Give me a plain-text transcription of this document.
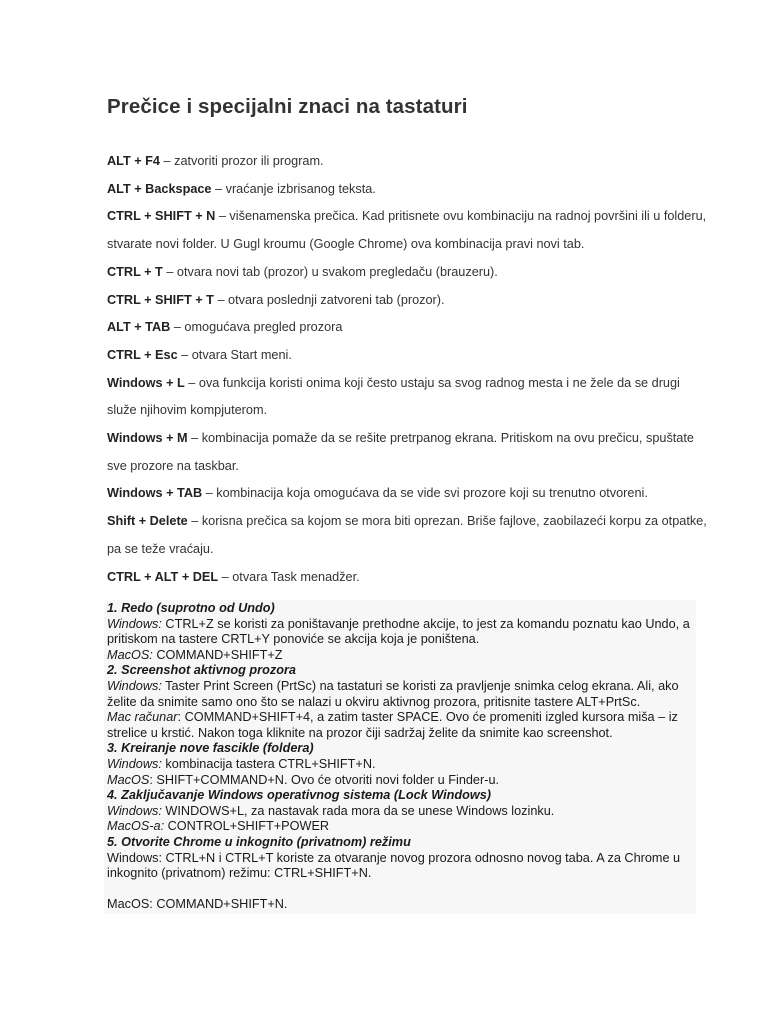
Prečice i specijalni znaci na tastaturi
ALT + F4 – zatvoriti prozor ili program.
ALT + Backspace – vraćanje izbrisanog teksta.
CTRL + SHIFT + N – višenamenska prečica. Kad pritisnete ovu kombinaciju na radnoj površini ili u folderu, stvarate novi folder. U Gugl kroumu (Google Chrome) ova kombinacija pravi novi tab.
CTRL + T – otvara novi tab (prozor) u svakom pregledaču (brauzeru).
CTRL + SHIFT + T – otvara poslednji zatvoreni tab (prozor).
ALT + TAB – omogućava pregled prozora
CTRL + Esc – otvara Start meni.
Windows + L – ova funkcija koristi onima koji često ustaju sa svog radnog mesta i ne žele da se drugi služe njihovim kompjuterom.
Windows + M – kombinacija pomaže da se rešite pretrpanog ekrana. Pritiskom na ovu prečicu, spuštate sve prozore na taskbar.
Windows + TAB – kombinacija koja omogućava da se vide svi prozore koji su trenutno otvoreni.
Shift + Delete – korisna prečica sa kojom se mora biti oprezan. Briše fajlove, zaobilazeći korpu za otpatke, pa se teže vraćaju.
CTRL + ALT + DEL – otvara Task menadžer.

1. Redo (suprotno od Undo)

Windows: CTRL+Z se koristi za poništavanje prethodne akcije, to jest za komandu poznatu kao Undo, a pritiskom na tastere CRTL+Y ponoviće se akcija koja je poništena.

MacOS: COMMAND+SHIFT+Z

2. Screenshot aktivnog prozora

Windows: Taster Print Screen (PrtSc) na tastaturi se koristi za pravljenje snimka celog ekrana. Ali, ako želite da snimite samo ono što se nalazi u okviru aktivnog prozora, pritisnite tastere ALT+PrtSc.

Mac računar: COMMAND+SHIFT+4, a zatim taster SPACE. Ovo će promeniti izgled kursora miša – iz strelice u krstić. Nakon toga kliknite na prozor čiji sadržaj želite da snimite kao screenshot.

3. Kreiranje nove fascikle (foldera)

Windows: kombinacija tastera CTRL+SHIFT+N.

MacOS: SHIFT+COMMAND+N. Ovo će otvoriti novi folder u Finder-u.

4. Zaključavanje Windows operativnog sistema (Lock Windows)

Windows: WINDOWS+L, za nastavak rada mora da se unese Windows lozinku.

MacOS-a: CONTROL+SHIFT+POWER

5. Otvorite Chrome u inkognito (privatnom) režimu

Windows: CTRL+N i CTRL+T koriste za otvaranje novog prozora odnosno novog taba. A za Chrome u inkognito (privatnom) režimu: CTRL+SHIFT+N.

MacOS: COMMAND+SHIFT+N.
